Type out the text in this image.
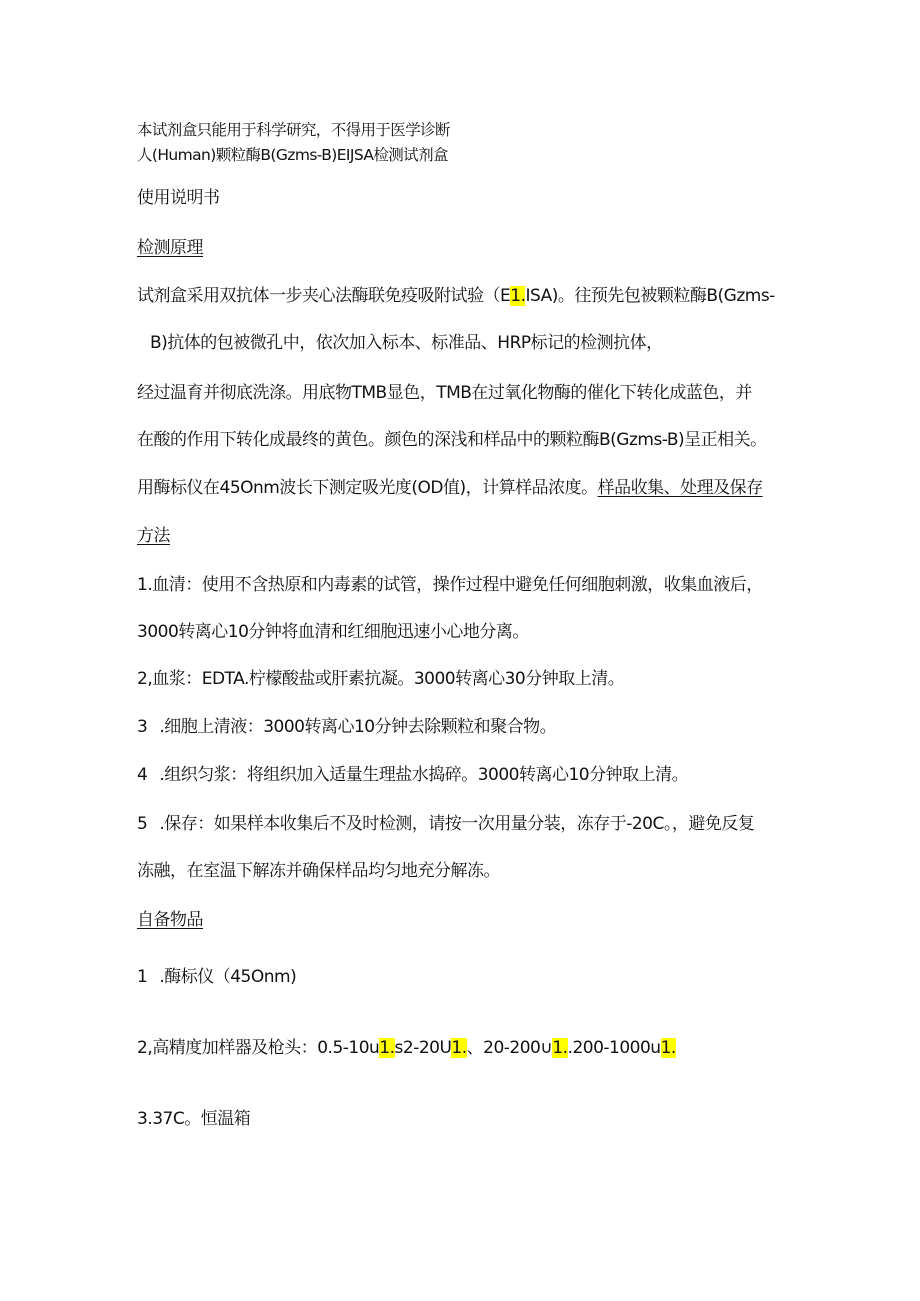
本试剂盒只能用于科学研究，不得用于医学诊断
人(Human)颗粒酶B(Gzms-B)EIJSA检测试剂盒
使用说明书
检测原理
试剂盒采用双抗体一步夹心法酶联免疫吸附试验（E1.ISA)。往预先包被颗粒酶B(Gzms-
B)抗体的包被微孔中，依次加入标本、标准品、HRP标记的检测抗体，
经过温育并彻底洗涤。用底物TMB显色，TMB在过氧化物酶的催化下转化成蓝色，并
在酸的作用下转化成最终的黄色。颜色的深浅和样品中的颗粒酶B(Gzms-B)呈正相关。
用酶标仪在45Onm波长下测定吸光度(OD值)，计算样品浓度。样品收集、处理及保存
方法
1.血清：使用不含热原和内毒素的试管，操作过程中避免任何细胞刺激，收集血液后，
3000转离心10分钟将血清和红细胞迅速小心地分离。
2,血浆：EDTA.柠檬酸盐或肝素抗凝。3000转离心30分钟取上清。
3 .细胞上清液：3000转离心10分钟去除颗粒和聚合物。
4 .组织匀浆：将组织加入适量生理盐水捣碎。3000转离心10分钟取上清。
5 .保存：如果样本收集后不及时检测，请按一次用量分装，冻存于-20C。，避免反复
冻融，在室温下解冻并确保样品均匀地充分解冻。
自备物品
1 .酶标仪（45Onm)
2,高精度加样器及枪头：0.5-10u1.s2-20U1.、20-200∪1..200-1000u1.
3.37C。恒温箱
